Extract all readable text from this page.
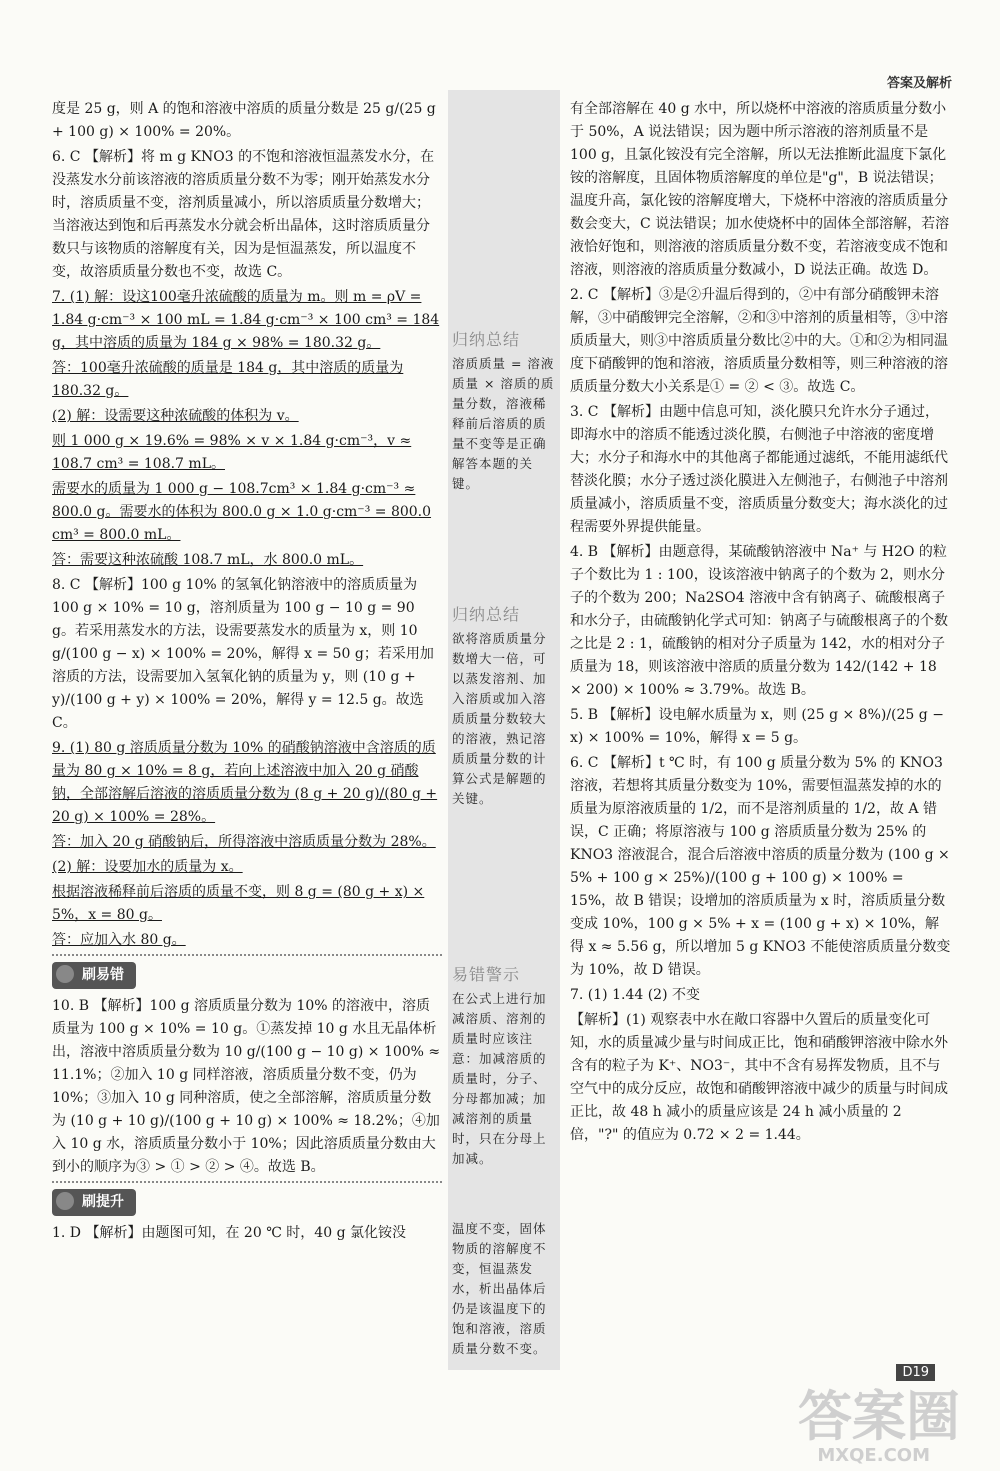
答案及解析

度是 25 g，则 A 的饱和溶液中溶质的质量分数是 25 g/(25 g + 100 g) × 100% = 20%。

6. C 【解析】将 m g KNO3 的不饱和溶液恒温蒸发水分，在没蒸发水分前该溶液的溶质质量分数不为零；刚开始蒸发水分时，溶质质量不变，溶剂质量减小，所以溶质质量分数增大；当溶液达到饱和后再蒸发水分就会析出晶体，这时溶质质量分数只与该物质的溶解度有关，因为是恒温蒸发，所以温度不变，故溶质质量分数也不变，故选 C。

7. (1) 解：设这100毫升浓硫酸的质量为 m。则 m = ρV = 1.84 g·cm⁻³ × 100 mL = 1.84 g·cm⁻³ × 100 cm³ = 184 g，其中溶质的质量为 184 g × 98% = 180.32 g。

答：100毫升浓硫酸的质量是 184 g，其中溶质的质量为 180.32 g。

(2) 解：设需要这种浓硫酸的体积为 v。

则 1 000 g × 19.6% = 98% × v × 1.84 g·cm⁻³，v ≈ 108.7 cm³ = 108.7 mL。

需要水的质量为 1 000 g − 108.7cm³ × 1.84 g·cm⁻³ ≈ 800.0 g。需要水的体积为 800.0 g × 1.0 g·cm⁻³ = 800.0 cm³ = 800.0 mL。

答：需要这种浓硫酸 108.7 mL，水 800.0 mL。

8. C 【解析】100 g 10% 的氢氧化钠溶液中的溶质质量为 100 g × 10% = 10 g，溶剂质量为 100 g − 10 g = 90 g。若采用蒸发水的方法，设需要蒸发水的质量为 x，则 10 g/(100 g − x) × 100% = 20%，解得 x = 50 g；若采用加溶质的方法，设需要加入氢氧化钠的质量为 y，则 (10 g + y)/(100 g + y) × 100% = 20%，解得 y = 12.5 g。故选 C。

9. (1) 80 g 溶质质量分数为 10% 的硝酸钠溶液中含溶质的质量为 80 g × 10% = 8 g，若向上述溶液中加入 20 g 硝酸钠，全部溶解后溶液的溶质质量分数为 (8 g + 20 g)/(80 g + 20 g) × 100% = 28%。

答：加入 20 g 硝酸钠后，所得溶液中溶质质量分数为 28%。

(2) 解：设要加水的质量为 x。

根据溶液稀释前后溶质的质量不变，则 8 g = (80 g + x) × 5%，x = 80 g。

答：应加入水 80 g。

刷易错

10. B 【解析】100 g 溶质质量分数为 10% 的溶液中，溶质质量为 100 g × 10% = 10 g。①蒸发掉 10 g 水且无晶体析出，溶液中溶质质量分数为 10 g/(100 g − 10 g) × 100% ≈ 11.1%；②加入 10 g 同样溶液，溶质质量分数不变，仍为 10%；③加入 10 g 同种溶质，使之全部溶解，溶质质量分数为 (10 g + 10 g)/(100 g + 10 g) × 100% ≈ 18.2%；④加入 10 g 水，溶质质量分数小于 10%；因此溶质质量分数由大到小的顺序为③ > ① > ② > ④。故选 B。

刷提升

1. D 【解析】由题图可知，在 20 ℃ 时，40 g 氯化铵没

归纳总结
溶质质量 = 溶液质量 × 溶质的质量分数，溶液稀释前后溶质的质量不变等是正确解答本题的关键。
归纳总结
欲将溶质质量分数增大一倍，可以蒸发溶剂、加入溶质或加入溶质质量分数较大的溶液，熟记溶质质量分数的计算公式是解题的关键。
易错警示
在公式上进行加减溶质、溶剂的质量时应该注意：加减溶质的质量时，分子、分母都加减；加减溶剂的质量时，只在分母上加减。
温度不变，固体物质的溶解度不变，恒温蒸发水，析出晶体后仍是该温度下的饱和溶液，溶质质量分数不变。

有全部溶解在 40 g 水中，所以烧杯中溶液的溶质质量分数小于 50%，A 说法错误；因为题中所示溶液的溶剂质量不是 100 g，且氯化铵没有完全溶解，所以无法推断此温度下氯化铵的溶解度，且固体物质溶解度的单位是"g"，B 说法错误；温度升高，氯化铵的溶解度增大，下烧杯中溶液的溶质质量分数会变大，C 说法错误；加水使烧杯中的固体全部溶解，若溶液恰好饱和，则溶液的溶质质量分数不变，若溶液变成不饱和溶液，则溶液的溶质质量分数减小，D 说法正确。故选 D。

2. C 【解析】③是②升温后得到的，②中有部分硝酸钾未溶解，③中硝酸钾完全溶解，②和③中溶剂的质量相等，③中溶质质量大，则③中溶质质量分数比②中的大。①和②为相同温度下硝酸钾的饱和溶液，溶质质量分数相等，则三种溶液的溶质质量分数大小关系是① = ② < ③。故选 C。

3. C 【解析】由题中信息可知，淡化膜只允许水分子通过，即海水中的溶质不能透过淡化膜，右侧池子中溶液的密度增大；水分子和海水中的其他离子都能通过滤纸，不能用滤纸代替淡化膜；水分子透过淡化膜进入左侧池子，右侧池子中溶剂质量减小，溶质质量不变，溶质质量分数变大；海水淡化的过程需要外界提供能量。

4. B 【解析】由题意得，某硫酸钠溶液中 Na⁺ 与 H2O 的粒子个数比为 1 : 100，设该溶液中钠离子的个数为 2，则水分子的个数为 200；Na2SO4 溶液中含有钠离子、硫酸根离子和水分子，由硫酸钠化学式可知：钠离子与硫酸根离子的个数之比是 2 : 1，硫酸钠的相对分子质量为 142，水的相对分子质量为 18，则该溶液中溶质的质量分数为 142/(142 + 18 × 200) × 100% ≈ 3.79%。故选 B。

5. B 【解析】设电解水质量为 x，则 (25 g × 8%)/(25 g − x) × 100% = 10%，解得 x = 5 g。

6. C 【解析】t ℃ 时，有 100 g 质量分数为 5% 的 KNO3 溶液，若想将其质量分数变为 10%，需要恒温蒸发掉的水的质量为原溶液质量的 1/2，而不是溶剂质量的 1/2，故 A 错误，C 正确；将原溶液与 100 g 溶质质量分数为 25% 的 KNO3 溶液混合，混合后溶液中溶质的质量分数为 (100 g × 5% + 100 g × 25%)/(100 g + 100 g) × 100% = 15%，故 B 错误；设增加的溶质质量为 x 时，溶质质量分数变成 10%，100 g × 5% + x = (100 g + x) × 10%，解得 x ≈ 5.56 g，所以增加 5 g KNO3 不能使溶质质量分数变为 10%，故 D 错误。

7. (1) 1.44 (2) 不变

【解析】(1) 观察表中水在敞口容器中久置后的质量变化可知，水的质量减少量与时间成正比，饱和硝酸钾溶液中除水外含有的粒子为 K⁺、NO3⁻，其中不含有易挥发物质，且不与空气中的成分反应，故饱和硝酸钾溶液中减少的质量与时间成正比，故 48 h 减小的质量应该是 24 h 减小质量的 2 倍，"?" 的值应为 0.72 × 2 = 1.44。

D19
答案圈
MXQE.COM
